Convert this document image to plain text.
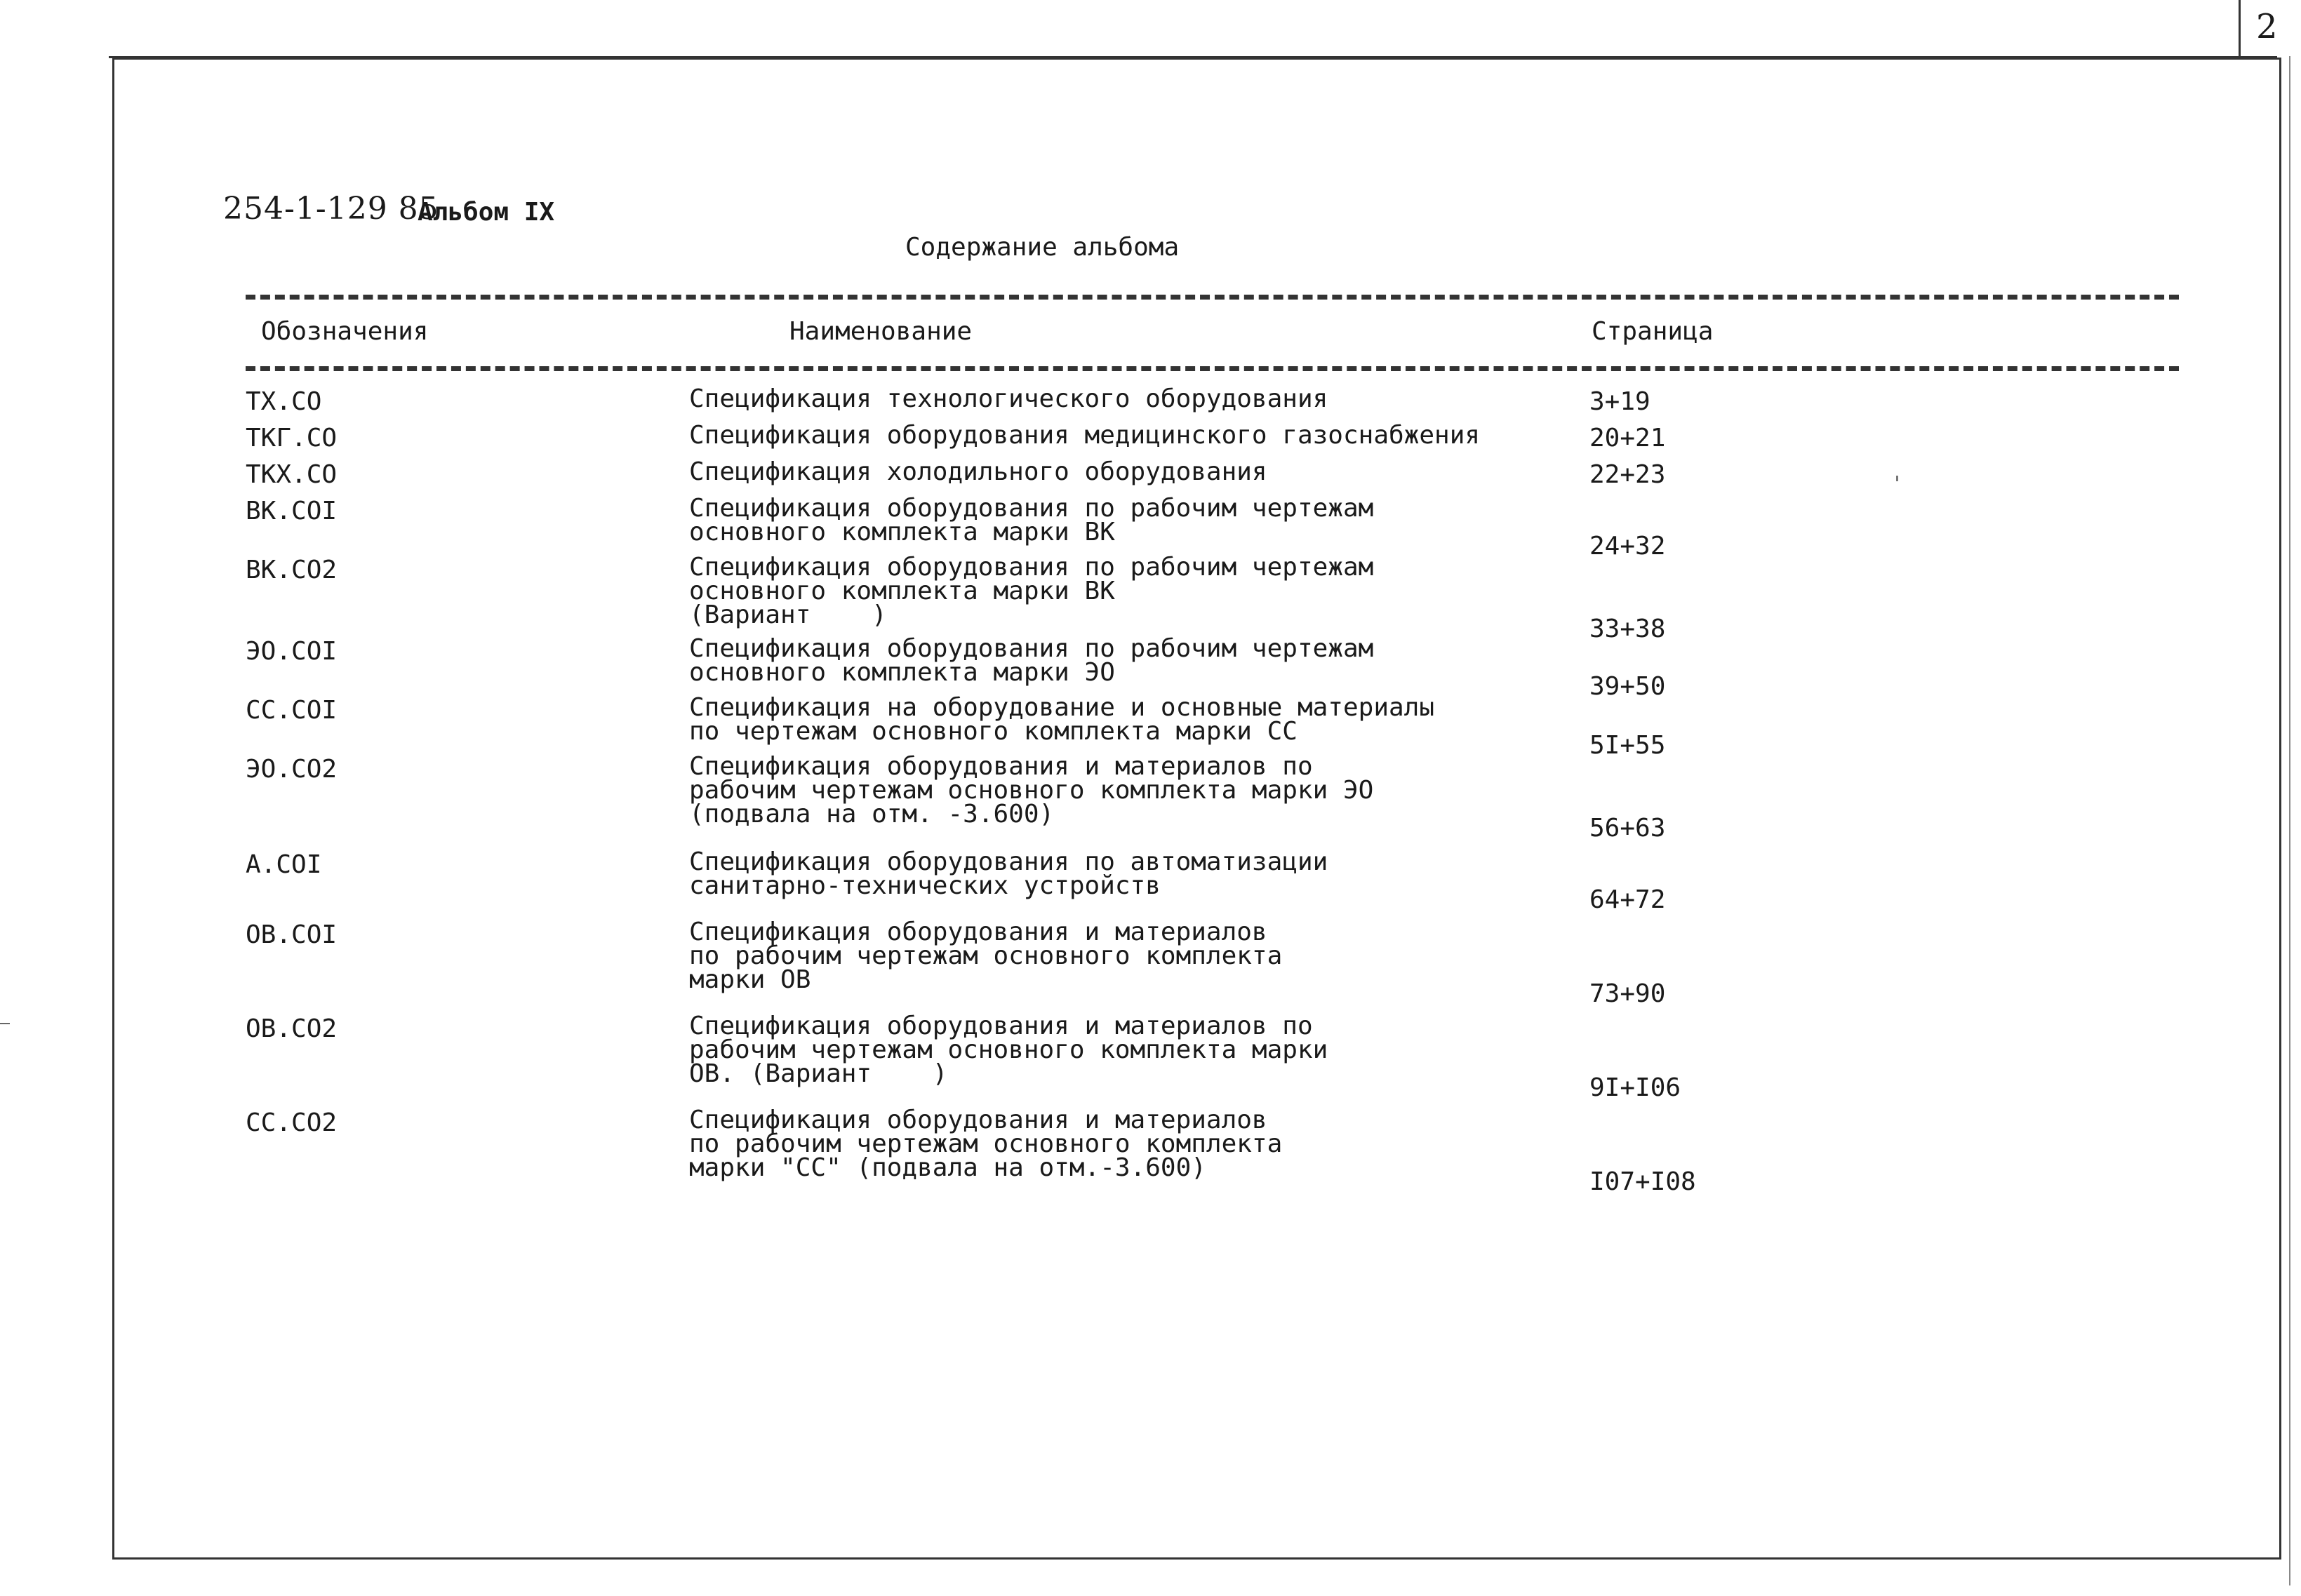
2
254-1-129 85
Альбом IX
Содержание альбома
Обозначения	Наименование	Страница
ТХ.СО	Спецификация технологического оборудования	3+19
ТКГ.СО	Спецификация оборудования медицинского газоснабжения	20+21
ТКХ.СО	Спецификация холодильного оборудования	22+23
ВК.СОI	Спецификация оборудования по рабочим чертежам
основного комплекта марки ВК	24+32
ВК.СО2	Спецификация оборудования по рабочим чертежам
основного комплекта марки ВК
(Вариант    )	33+38
ЭО.СОI	Спецификация оборудования по рабочим чертежам
основного комплекта марки ЭО	39+50
СС.СОI	Спецификация на оборудование и основные материалы
по чертежам основного комплекта марки СС	5I+55
ЭО.СО2	Спецификация оборудования и материалов по
рабочим чертежам основного комплекта марки ЭО
(подвала на отм. -3.600)	56+63
А.СОI	Спецификация оборудования по автоматизации
санитарно-технических устройств	64+72
ОВ.СОI	Спецификация оборудования и материалов
по рабочим чертежам основного комплекта
марки ОВ	73+90
ОВ.СО2	Спецификация оборудования и материалов по
рабочим чертежам основного комплекта марки
ОВ. (Вариант    )	9I+I06
СС.СО2	Спецификация оборудования и материалов
по рабочим чертежам основного комплекта
марки "СС" (подвала на отм.-3.600)	I07+I08
